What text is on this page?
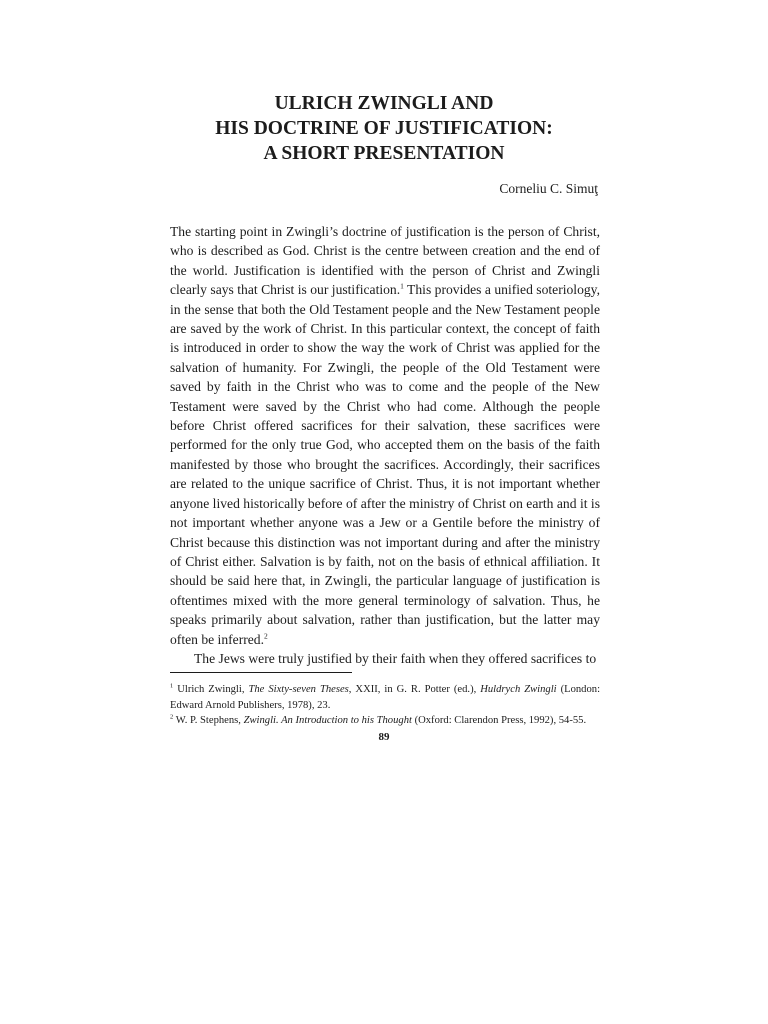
ULRICH ZWINGLI AND
HIS DOCTRINE OF JUSTIFICATION:
A SHORT PRESENTATION
Corneliu C. Simuţ

The starting point in Zwingli’s doctrine of justification is the person of Christ, who is described as God. Christ is the centre between creation and the end of the world. Justification is identified with the person of Christ and Zwingli clearly says that Christ is our justification.$^1$ This provides a unified soteriology, in the sense that both the Old Testament people and the New Testament people are saved by the work of Christ. In this particular context, the concept of faith is introduced in order to show the way the work of Christ was applied for the salvation of humanity. For Zwingli, the people of the Old Testament were saved by faith in the Christ who was to come and the people of the New Testament were saved by the Christ who had come. Although the people before Christ offered sacrifices for their salvation, these sacrifices were performed for the only true God, who accepted them on the basis of the faith manifested by those who brought the sacrifices. Accordingly, their sacrifices are related to the unique sacrifice of Christ. Thus, it is not important whether anyone lived historically before of after the ministry of Christ on earth and it is not important whether anyone was a Jew or a Gentile before the ministry of Christ because this distinction was not important during and after the ministry of Christ either. Salvation is by faith, not on the basis of ethnical affiliation. It should be said here that, in Zwingli, the particular language of justification is oftentimes mixed with the more general terminology of salvation. Thus, he speaks primarily about salvation, rather than justification, but the latter may often be inferred.$^2$

The Jews were truly justified by their faith when they offered sacrifices to

$^1$ Ulrich Zwingli, The Sixty-seven Theses, XXII, in G. R. Potter (ed.), Huldrych Zwingli (London: Edward Arnold Publishers, 1978), 23.

$^2$ W. P. Stephens, Zwingli. An Introduction to his Thought (Oxford: Clarendon Press, 1992), 54-55.

89
